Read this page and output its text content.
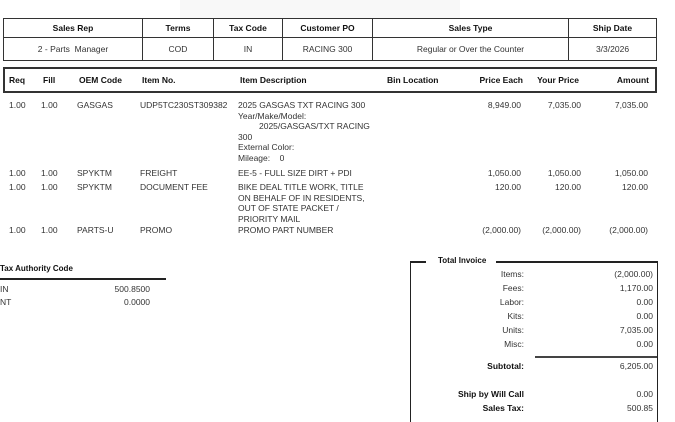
Sales Rep	Terms	Tax Code	Customer PO	Sales Type	Ship Date
2 - Parts  Manager	COD	IN	RACING 300	Regular or Over the Counter	3/3/2026
Req Fill	OEM Code Item No.	Item Description	Bin Location	Price Each Your Price	Amount
1.00 1.00 GASGAS	UDP5TC230ST309382 2025 GASGAS TXT RACING 300
Year/Make/Model:
2025/GASGAS/TXT RACING
300
External Color:
Mileage:    0
8,949.00	7,035.00	7,035.00
1.00 1.00 SPYKTM	FREIGHT	EE-5 - FULL SIZE DIRT + PDI	1,050.00	1,050.00	1,050.00
1.00 1.00 SPYKTM	DOCUMENT FEE	BIKE DEAL TITLE WORK, TITLE
ON BEHALF OF IN RESIDENTS,
OUT OF STATE PACKET /
PRIORITY MAIL
120.00	120.00	120.00
1.00 1.00 PARTS-U	PROMO	PROMO PART NUMBER	(2,000.00)	(2,000.00)	(2,000.00)
Tax Authority Code
IN	500.8500
NT	0.0000
Total Invoice
Items:	(2,000.00)
Fees:	1,170.00
Labor:	0.00
Kits:	0.00
Units:	7,035.00
Misc:	0.00
Subtotal:	6,205.00
Ship by Will Call	0.00
Sales Tax:	500.85
